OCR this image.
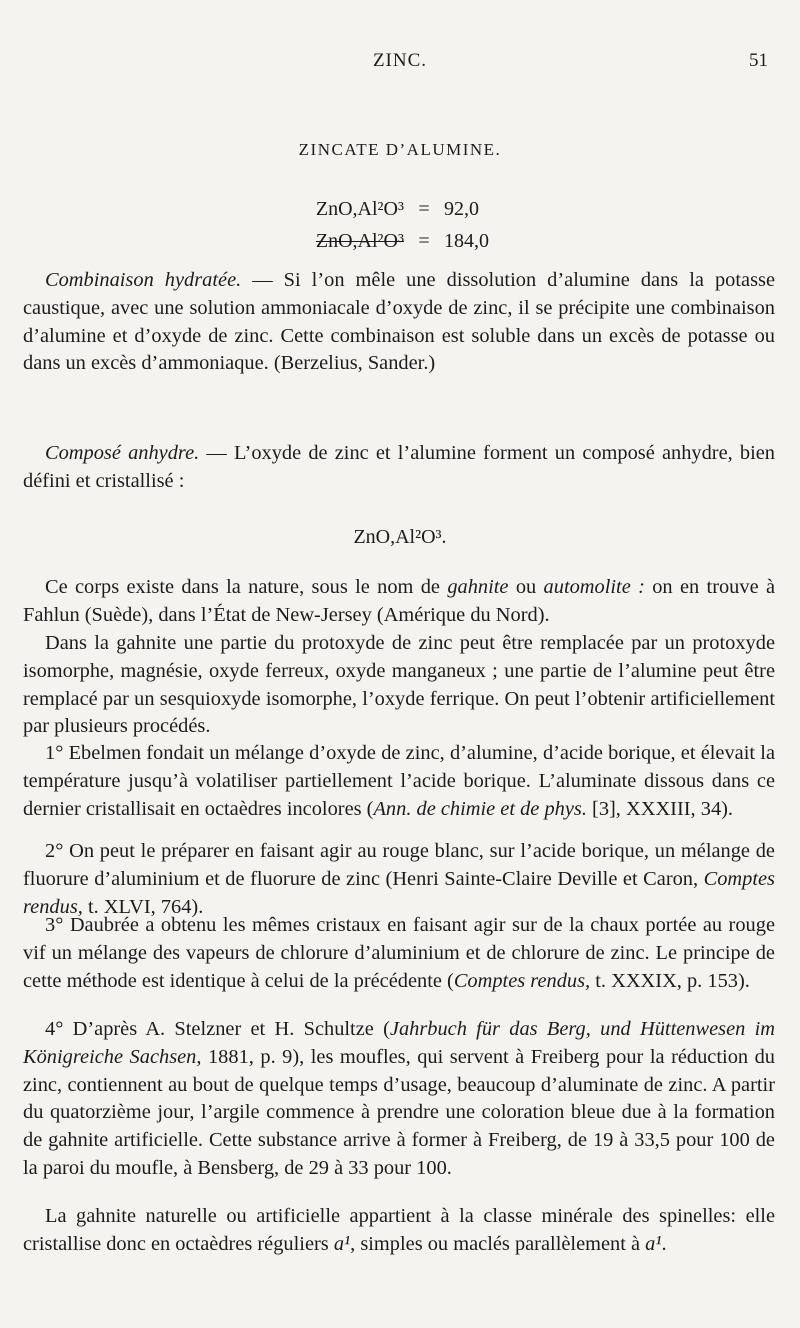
ZINC.	51
ZINCATE D’ALUMINE.
ZnO,Al²O³ = 92,0
ZnO,Al²O³ = 184,0

Combinaison hydratée. — Si l’on mêle une dissolution d’alumine dans la potasse caustique, avec une solution ammoniacale d’oxyde de zinc, il se précipite une combinaison d’alumine et d’oxyde de zinc. Cette combinaison est soluble dans un excès de potasse ou dans un excès d’ammoniaque. (Berzelius, Sander.)

Composé anhydre. — L’oxyde de zinc et l’alumine forment un composé anhydre, bien défini et cristallisé :

ZnO,Al²O³.

Ce corps existe dans la nature, sous le nom de gahnite ou automolite : on en trouve à Fahlun (Suède), dans l’État de New-Jersey (Amérique du Nord).

Dans la gahnite une partie du protoxyde de zinc peut être remplacée par un protoxyde isomorphe, magnésie, oxyde ferreux, oxyde manganeux ; une partie de l’alumine peut être remplacé par un sesquioxyde isomorphe, l’oxyde ferrique. On peut l’obtenir artificiellement par plusieurs procédés.

1° Ebelmen fondait un mélange d’oxyde de zinc, d’alumine, d’acide borique, et élevait la température jusqu’à volatiliser partiellement l’acide borique. L’aluminate dissous dans ce dernier cristallisait en octaèdres incolores (Ann. de chimie et de phys. [3], XXXIII, 34).

2° On peut le préparer en faisant agir au rouge blanc, sur l’acide borique, un mélange de fluorure d’aluminium et de fluorure de zinc (Henri Sainte-Claire Deville et Caron, Comptes rendus, t. XLVI, 764).

3° Daubrée a obtenu les mêmes cristaux en faisant agir sur de la chaux portée au rouge vif un mélange des vapeurs de chlorure d’aluminium et de chlorure de zinc. Le principe de cette méthode est identique à celui de la précédente (Comptes rendus, t. XXXIX, p. 153).

4° D’après A. Stelzner et H. Schultze (Jahrbuch für das Berg, und Hüttenwesen im Königreiche Sachsen, 1881, p. 9), les moufles, qui servent à Freiberg pour la réduction du zinc, contiennent au bout de quelque temps d’usage, beaucoup d’aluminate de zinc. A partir du quatorzième jour, l’argile commence à prendre une coloration bleue due à la formation de gahnite artificielle. Cette substance arrive à former à Freiberg, de 19 à 33,5 pour 100 de la paroi du moufle, à Bensberg, de 29 à 33 pour 100.

La gahnite naturelle ou artificielle appartient à la classe minérale des spinelles: elle cristallise donc en octaèdres réguliers a¹, simples ou maclés parallèlement à a¹.
